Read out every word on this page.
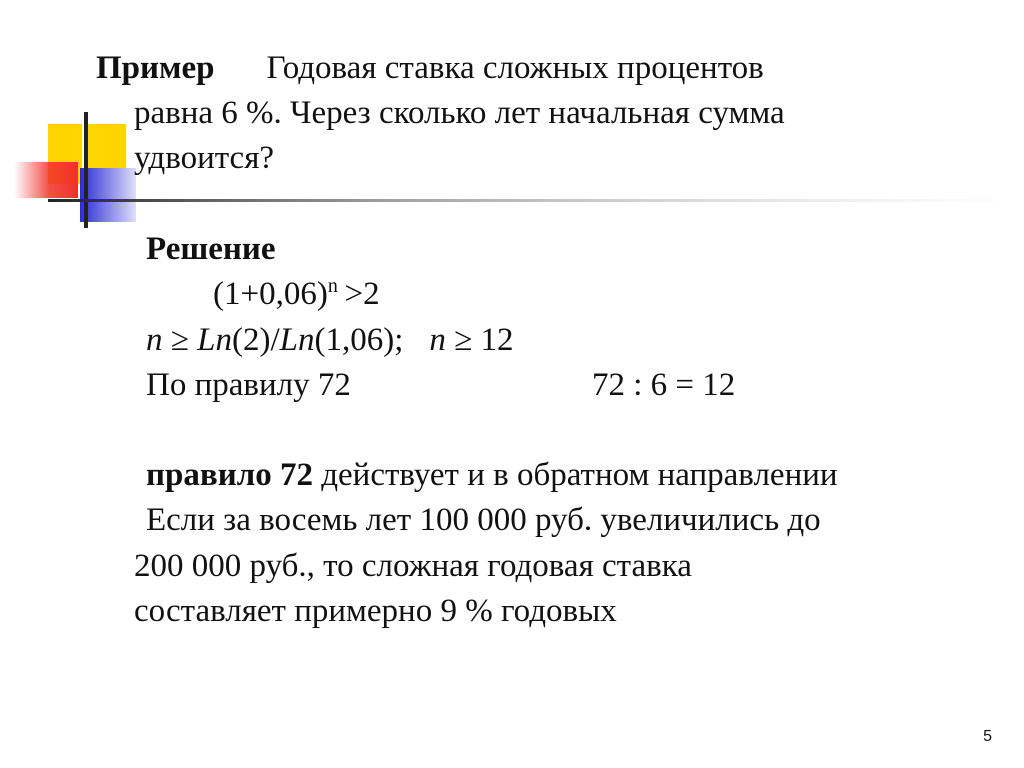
Пример Годовая ставка сложных процентов
равна 6 %. Через сколько лет начальная сумма
удвоится?
Решение
$(1+0,06)^n >2$
n ≥ Ln(2)/Ln(1,06); n ≥ 12
По правилу 72	72 : 6 = 12
правило 72 действует и в обратном направлении
Если за восемь лет 100 000 руб. увеличились до
200 000 руб., то сложная годовая ставка
составляет примерно 9 % годовых
5
